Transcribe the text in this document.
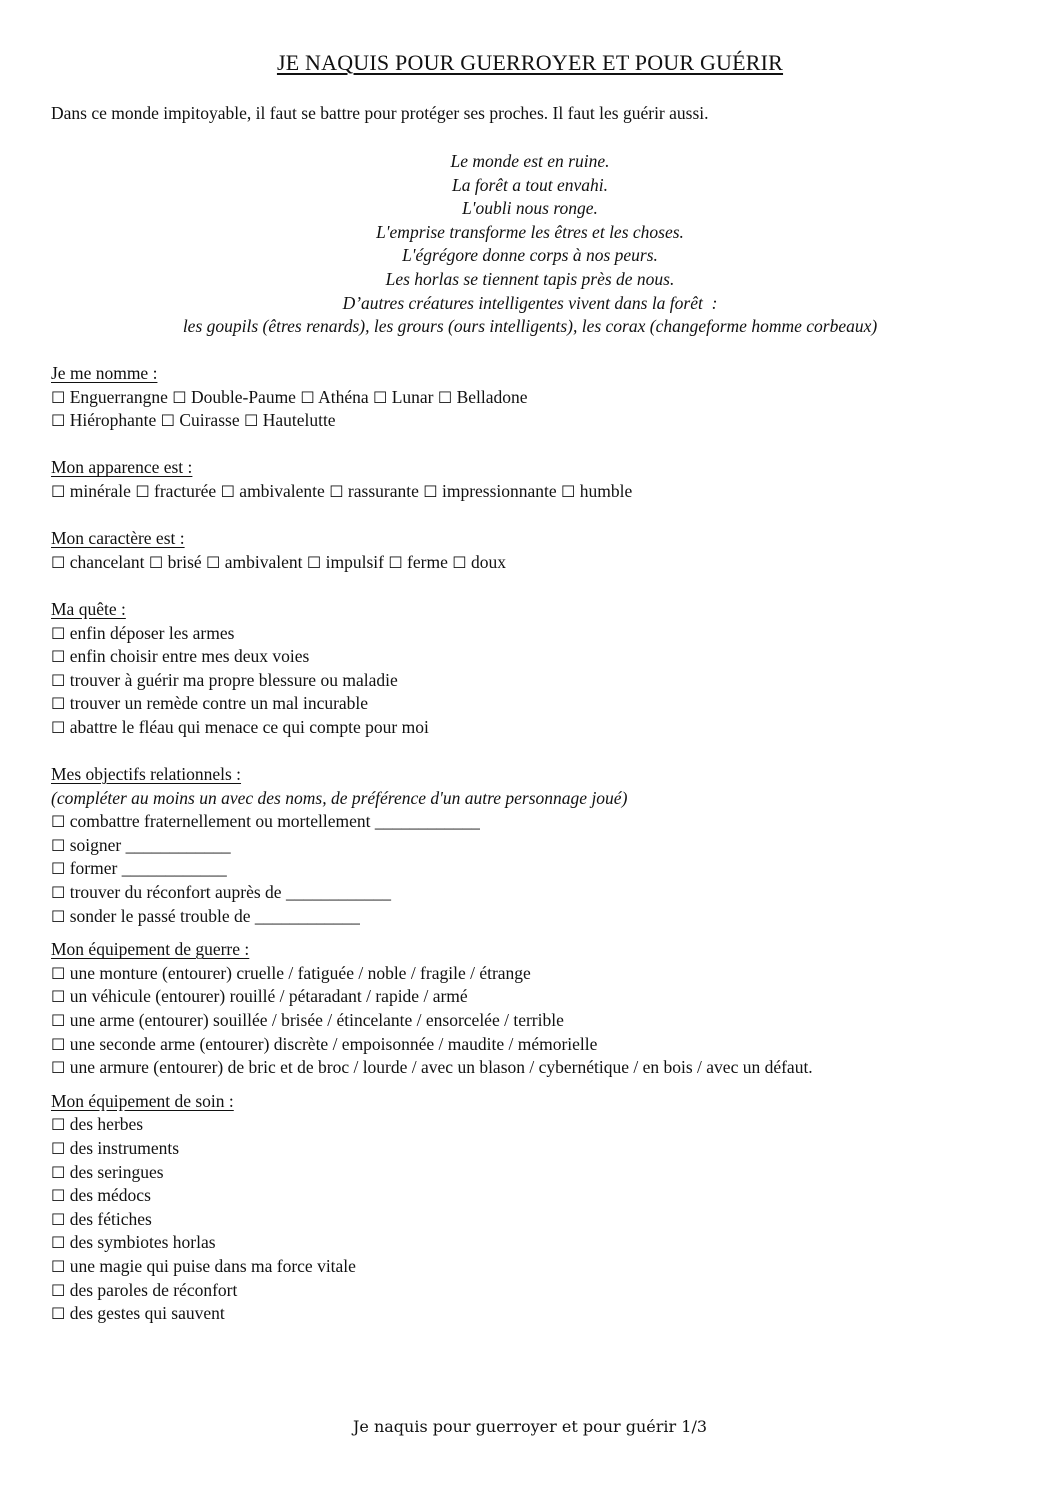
JE NAQUIS POUR GUERROYER ET POUR GUÉRIR
Dans ce monde impitoyable, il faut se battre pour protéger ses proches. Il faut les guérir aussi.
Le monde est en ruine.
La forêt a tout envahi.
L'oubli nous ronge.
L'emprise transforme les êtres et les choses.
L'égrégore donne corps à nos peurs.
Les horlas se tiennent tapis près de nous.
D’autres créatures intelligentes vivent dans la forêt  :
les goupils (êtres renards), les grours (ours intelligents), les corax (changeforme homme corbeaux)
Je me nomme :
☐ Enguerrangne ☐ Double-Paume ☐ Athéna ☐ Lunar ☐ Belladone
☐ Hiérophante ☐ Cuirasse ☐ Hautelutte
Mon apparence est :
☐ minérale ☐ fracturée ☐ ambivalente ☐ rassurante ☐ impressionnante ☐ humble
Mon caractère est :
☐ chancelant ☐ brisé ☐ ambivalent ☐ impulsif ☐ ferme ☐ doux
Ma quête :
☐ enfin déposer les armes
☐ enfin choisir entre mes deux voies
☐ trouver à guérir ma propre blessure ou maladie
☐ trouver un remède contre un mal incurable
☐ abattre le fléau qui menace ce qui compte pour moi
Mes objectifs relationnels :
(compléter au moins un avec des noms, de préférence d'un autre personnage joué)
☐ combattre fraternellement ou mortellement ____________
☐ soigner ____________
☐ former ____________
☐ trouver du réconfort auprès de ____________
☐ sonder le passé trouble de ____________
Mon équipement de guerre :
☐ une monture (entourer) cruelle / fatiguée / noble / fragile / étrange
☐ un véhicule (entourer) rouillé / pétaradant / rapide / armé
☐ une arme (entourer) souillée / brisée / étincelante / ensorcelée / terrible
☐ une seconde arme (entourer) discrète / empoisonnée / maudite / mémorielle
☐ une armure (entourer) de bric et de broc / lourde / avec un blason / cybernétique / en bois / avec un défaut.
Mon équipement de soin :
☐ des herbes
☐ des instruments
☐ des seringues
☐ des médocs
☐ des fétiches
☐ des symbiotes horlas
☐ une magie qui puise dans ma force vitale
☐ des paroles de réconfort
☐ des gestes qui sauvent
Je naquis pour guerroyer et pour guérir 1/3
